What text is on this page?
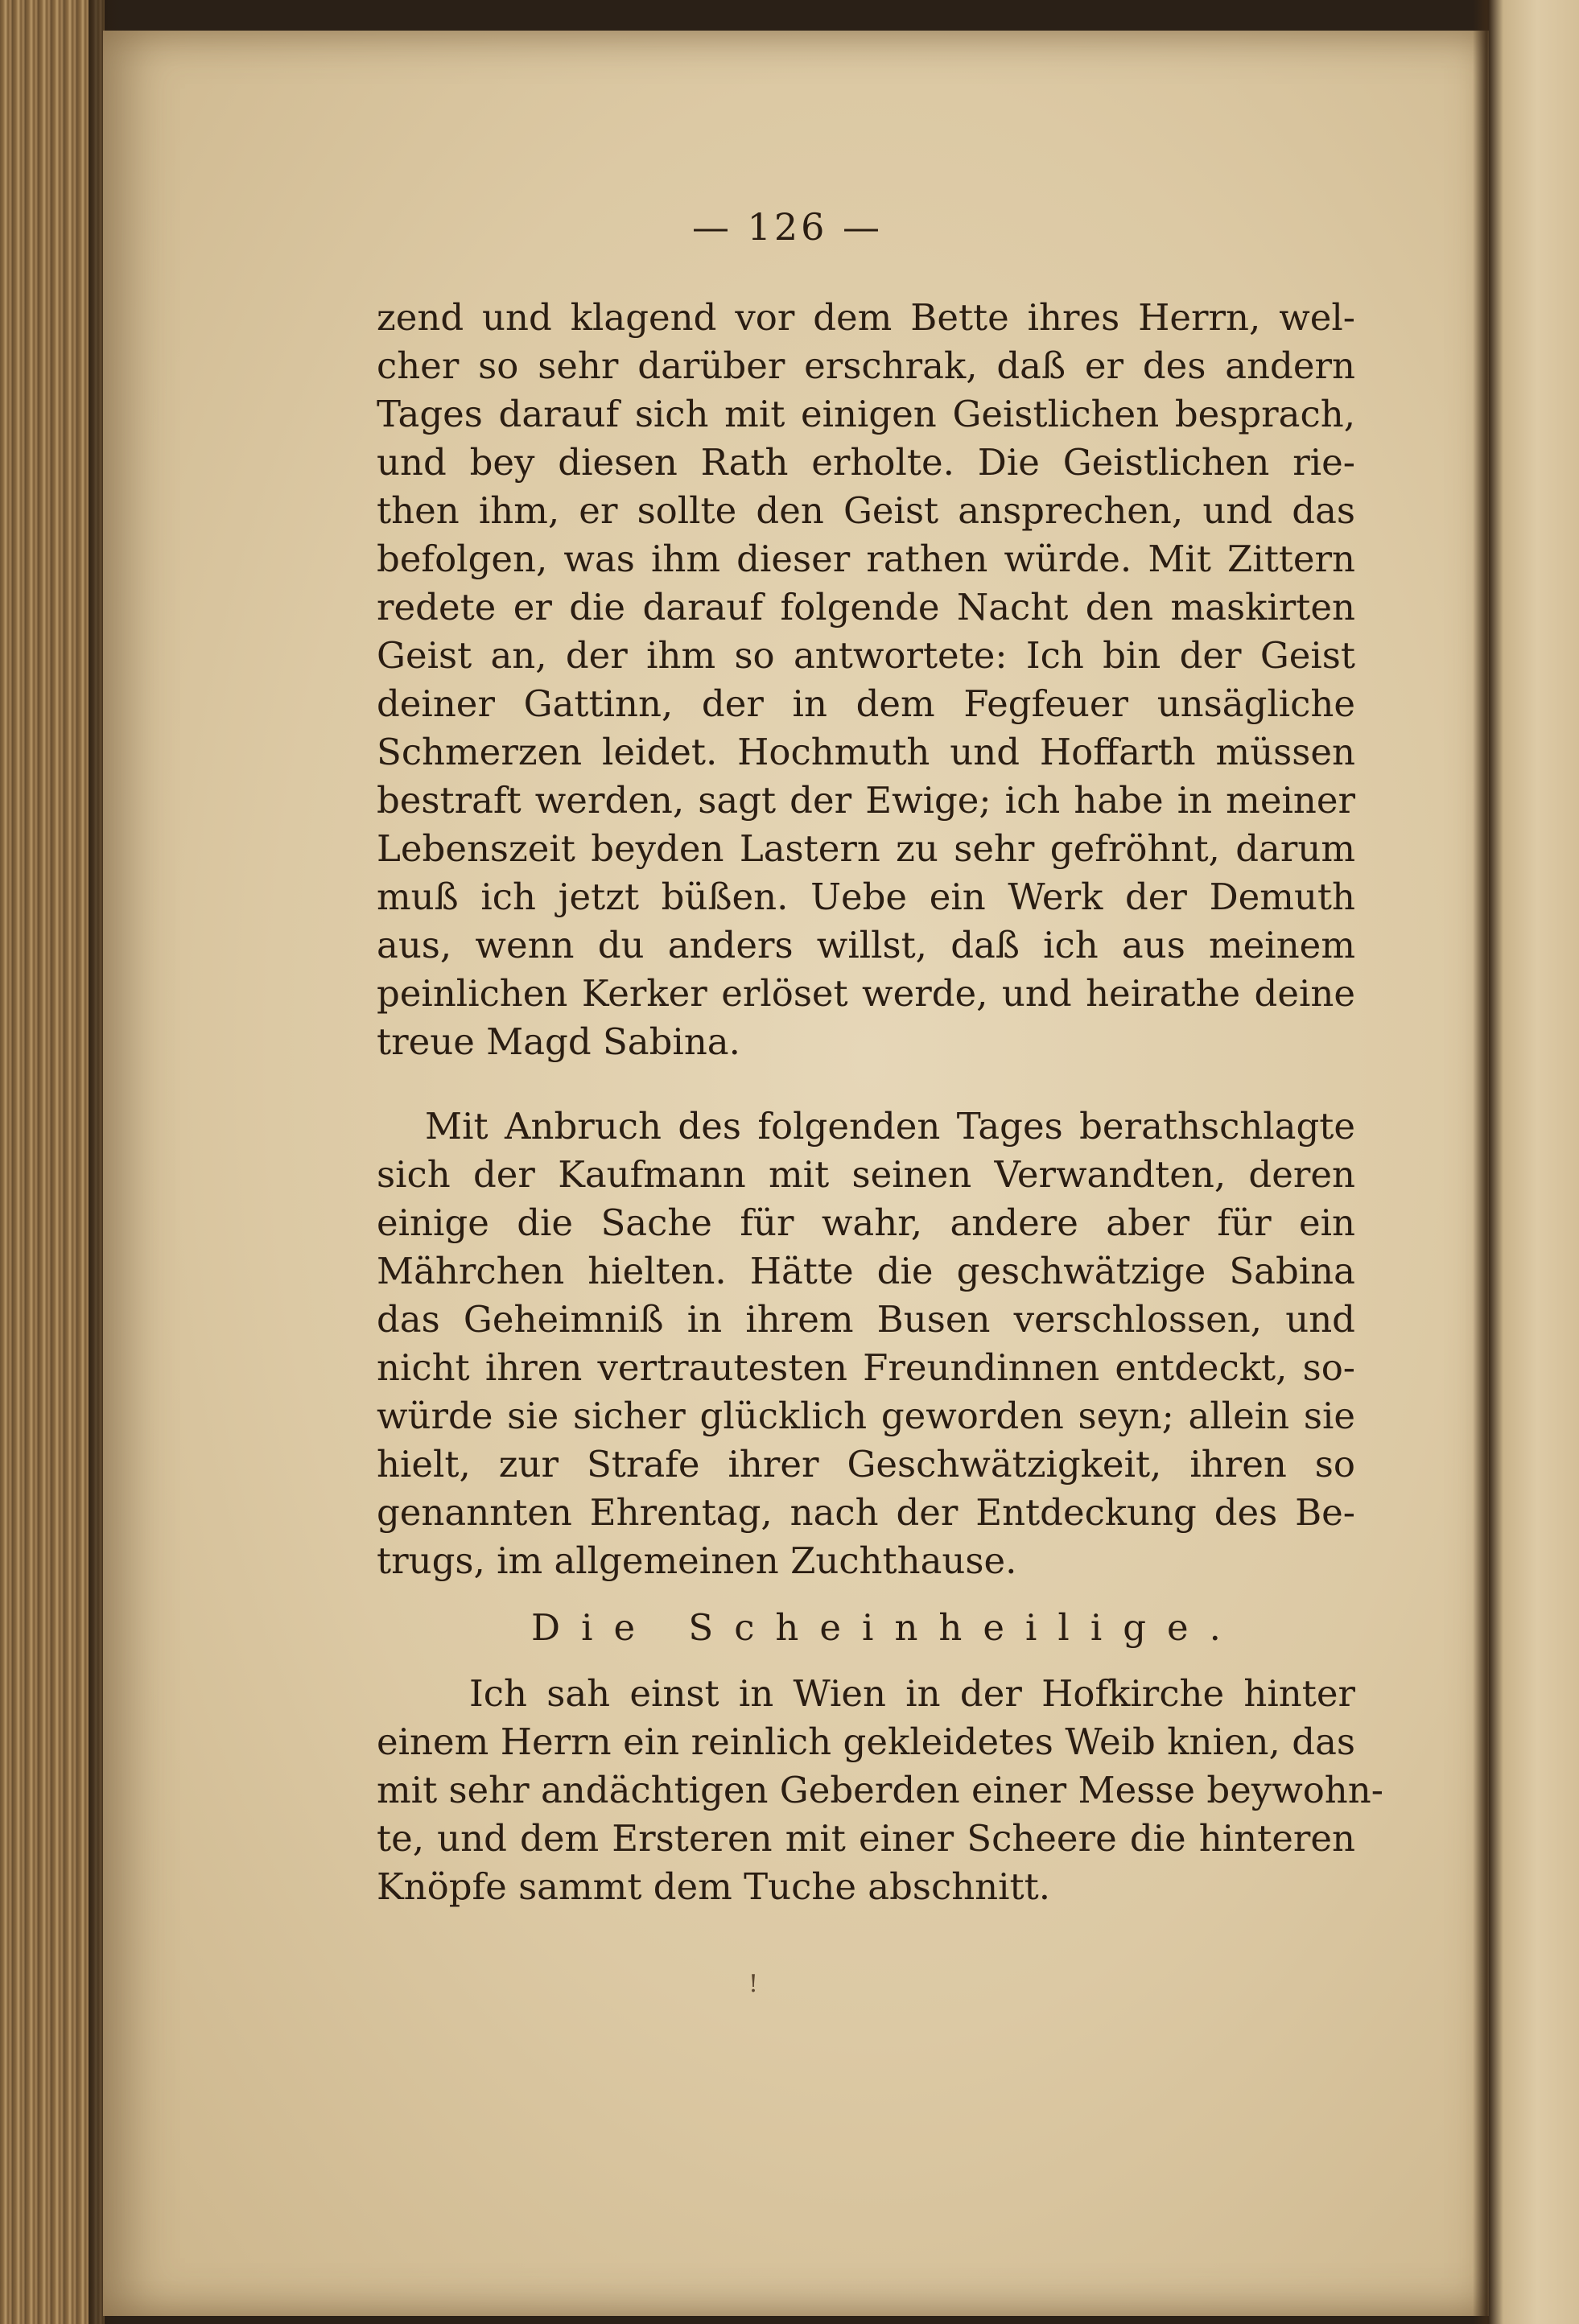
— 126 —
zend und klagend vor dem Bette ihres Herrn, wel-
cher so sehr darüber erschrak, daß er des andern
Tages darauf sich mit einigen Geistlichen besprach,
und bey diesen Rath erholte. Die Geistlichen rie-
then ihm, er sollte den Geist ansprechen, und das
befolgen, was ihm dieser rathen würde. Mit Zittern
redete er die darauf folgende Nacht den maskirten
Geist an, der ihm so antwortete: Ich bin der Geist
deiner Gattinn, der in dem Fegfeuer unsägliche
Schmerzen leidet. Hochmuth und Hoffarth müssen
bestraft werden, sagt der Ewige; ich habe in meiner
Lebenszeit beyden Lastern zu sehr gefröhnt, darum
muß ich jetzt büßen. Uebe ein Werk der Demuth
aus, wenn du anders willst, daß ich aus meinem
peinlichen Kerker erlöset werde, und heirathe deine
treue Magd Sabina.
Mit Anbruch des folgenden Tages berathschlagte
sich der Kaufmann mit seinen Verwandten, deren
einige die Sache für wahr, andere aber für ein
Mährchen hielten. Hätte die geschwätzige Sabina
das Geheimniß in ihrem Busen verschlossen, und
nicht ihren vertrautesten Freundinnen entdeckt, so-
würde sie sicher glücklich geworden seyn; allein sie
hielt, zur Strafe ihrer Geschwätzigkeit, ihren so
genannten Ehrentag, nach der Entdeckung des Be-
trugs, im allgemeinen Zuchthause.
Die Scheinheilige.
Ich sah einst in Wien in der Hofkirche hinter
einem Herrn ein reinlich gekleidetes Weib knien, das
mit sehr andächtigen Geberden einer Messe beywohn-
te, und dem Ersteren mit einer Scheere die hinteren
Knöpfe sammt dem Tuche abschnitt.
!
